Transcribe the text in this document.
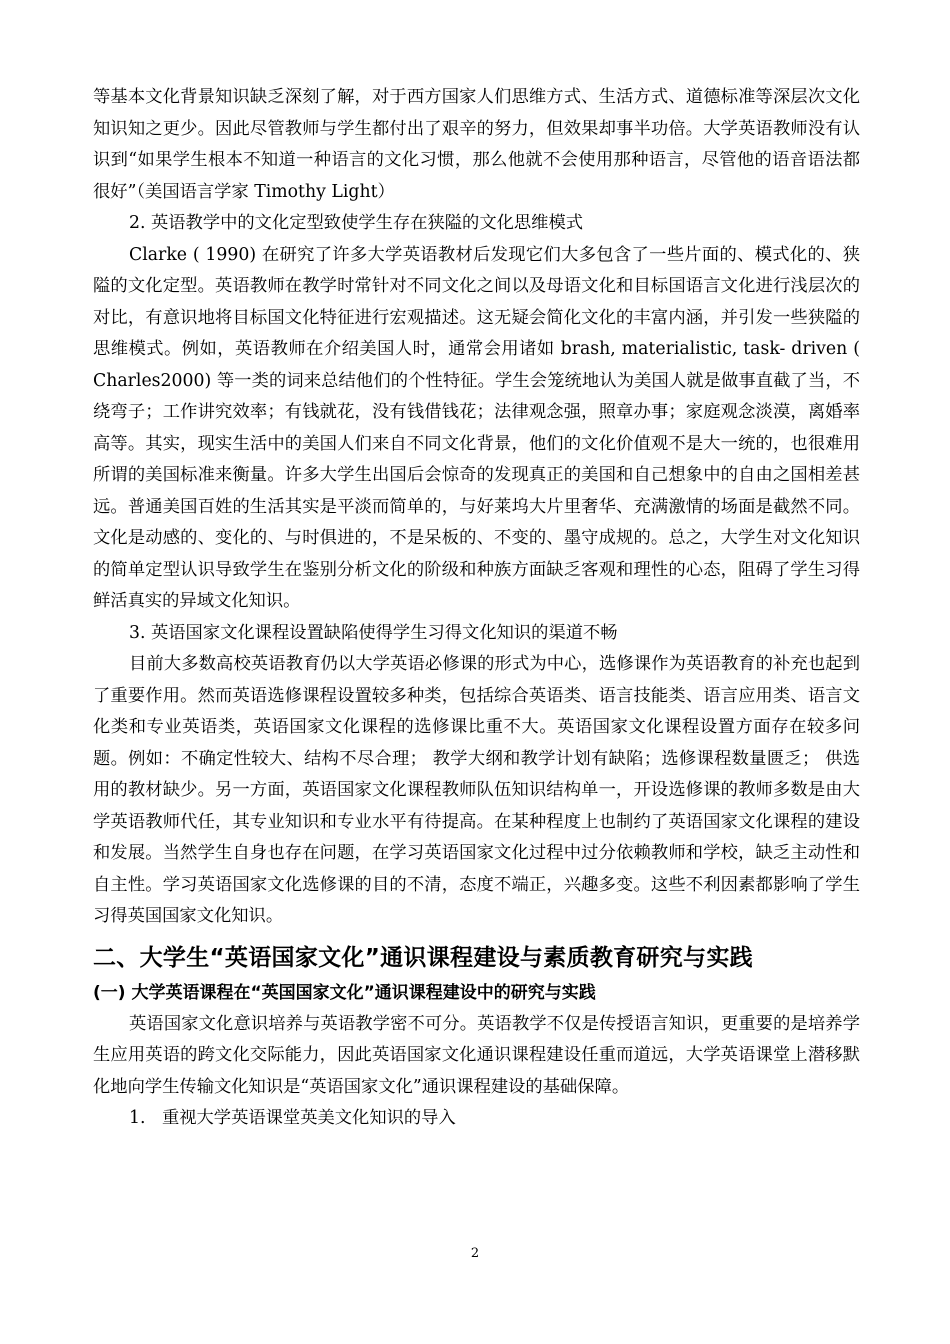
等基本文化背景知识缺乏深刻了解，对于西方国家人们思维方式、生活方式、道德标准等深层次文化知识知之更少。因此尽管教师与学生都付出了艰辛的努力，但效果却事半功倍。大学英语教师没有认识到“如果学生根本不知道一种语言的文化习惯，那么他就不会使用那种语言，尽管他的语音语法都很好”（美国语言学家 Timothy Light）

2. 英语教学中的文化定型致使学生存在狭隘的文化思维模式

Clarke ( 1990) 在研究了许多大学英语教材后发现它们大多包含了一些片面的、模式化的、狭隘的文化定型。英语教师在教学时常针对不同文化之间以及母语文化和目标国语言文化进行浅层次的对比，有意识地将目标国文化特征进行宏观描述。这无疑会简化文化的丰富内涵，并引发一些狭隘的思维模式。例如，英语教师在介绍美国人时，通常会用诸如 brash, materialistic, task- driven ( Charles2000) 等一类的词来总结他们的个性特征。学生会笼统地认为美国人就是做事直截了当，不绕弯子；工作讲究效率；有钱就花，没有钱借钱花；法律观念强，照章办事；家庭观念淡漠，离婚率高等。其实，现实生活中的美国人们来自不同文化背景，他们的文化价值观不是大一统的，也很难用所谓的美国标准来衡量。许多大学生出国后会惊奇的发现真正的美国和自己想象中的自由之国相差甚远。普通美国百姓的生活其实是平淡而简单的，与好莱坞大片里奢华、充满激情的场面是截然不同。文化是动感的、变化的、与时俱进的，不是呆板的、不变的、墨守成规的。总之，大学生对文化知识的简单定型认识导致学生在鉴别分析文化的阶级和种族方面缺乏客观和理性的心态，阻碍了学生习得鲜活真实的异域文化知识。

3. 英语国家文化课程设置缺陷使得学生习得文化知识的渠道不畅

目前大多数高校英语教育仍以大学英语必修课的形式为中心，选修课作为英语教育的补充也起到了重要作用。然而英语选修课程设置较多种类，包括综合英语类、语言技能类、语言应用类、语言文化类和专业英语类，英语国家文化课程的选修课比重不大。英语国家文化课程设置方面存在较多问题。例如：不确定性较大、结构不尽合理； 教学大纲和教学计划有缺陷；选修课程数量匮乏； 供选用的教材缺少。另一方面，英语国家文化课程教师队伍知识结构单一，开设选修课的教师多数是由大学英语教师代任，其专业知识和专业水平有待提高。在某种程度上也制约了英语国家文化课程的建设和发展。当然学生自身也存在问题，在学习英语国家文化过程中过分依赖教师和学校，缺乏主动性和自主性。学习英语国家文化选修课的目的不清，态度不端正，兴趣多变。这些不利因素都影响了学生习得英国国家文化知识。

二、大学生“英语国家文化”通识课程建设与素质教育研究与实践
(一) 大学英语课程在“英国国家文化”通识课程建设中的研究与实践

英语国家文化意识培养与英语教学密不可分。英语教学不仅是传授语言知识，更重要的是培养学生应用英语的跨文化交际能力，因此英语国家文化通识课程建设任重而道远，大学英语课堂上潜移默化地向学生传输文化知识是“英语国家文化”通识课程建设的基础保障。

1.   重视大学英语课堂英美文化知识的导入

2
